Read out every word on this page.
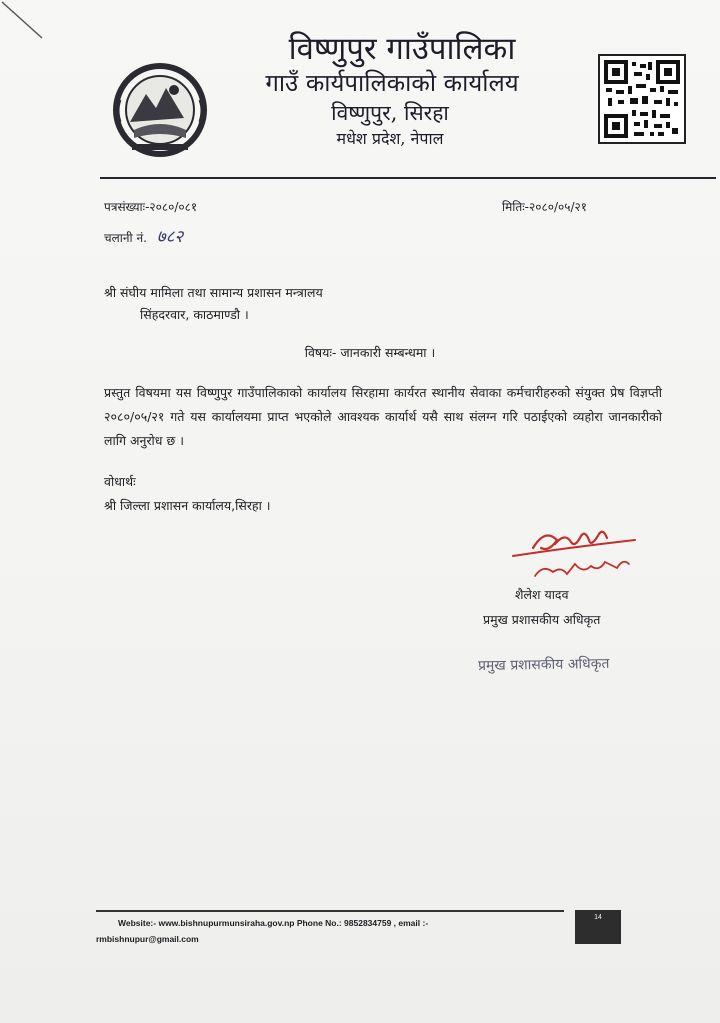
विष्णुपुर गाउँपालिका
गाउँ कार्यपालिकाको कार्यालय
विष्णुपुर, सिरहा
मधेश प्रदेश, नेपाल
पत्रसंख्याः-२०८०/०८१	मितिः-२०८०/०५/२१
चलानी नं. ७८२
श्री संघीय मामिला तथा सामान्य प्रशासन मन्त्रालय
सिंहदरवार, काठमाण्डौ ।
विषयः- जानकारी सम्बन्धमा ।
प्रस्तुत विषयमा यस विष्णुपुर गाउँपालिकाको कार्यालय सिरहामा कार्यरत स्थानीय सेवाका कर्मचारीहरुको संयुक्त प्रेष विज्ञप्ती २०८०/०५/२१ गते यस कार्यालयमा प्राप्त भएकोले आवश्यक कार्यार्थ यसै साथ संलग्न गरि पठाईएको व्यहोरा जानकारीको लागि अनुरोध छ ।
वोधार्थः
श्री जिल्ला प्रशासन कार्यालय,सिरहा ।
शैलेश यादव
प्रमुख प्रशासकीय अधिकृत
प्रमुख प्रशासकीय अधिकृत
Website:- www.bishnupurmunsiraha.gov.np Phone No.: 9852834759 , email :-
rmbishnupur@gmail.com
14
